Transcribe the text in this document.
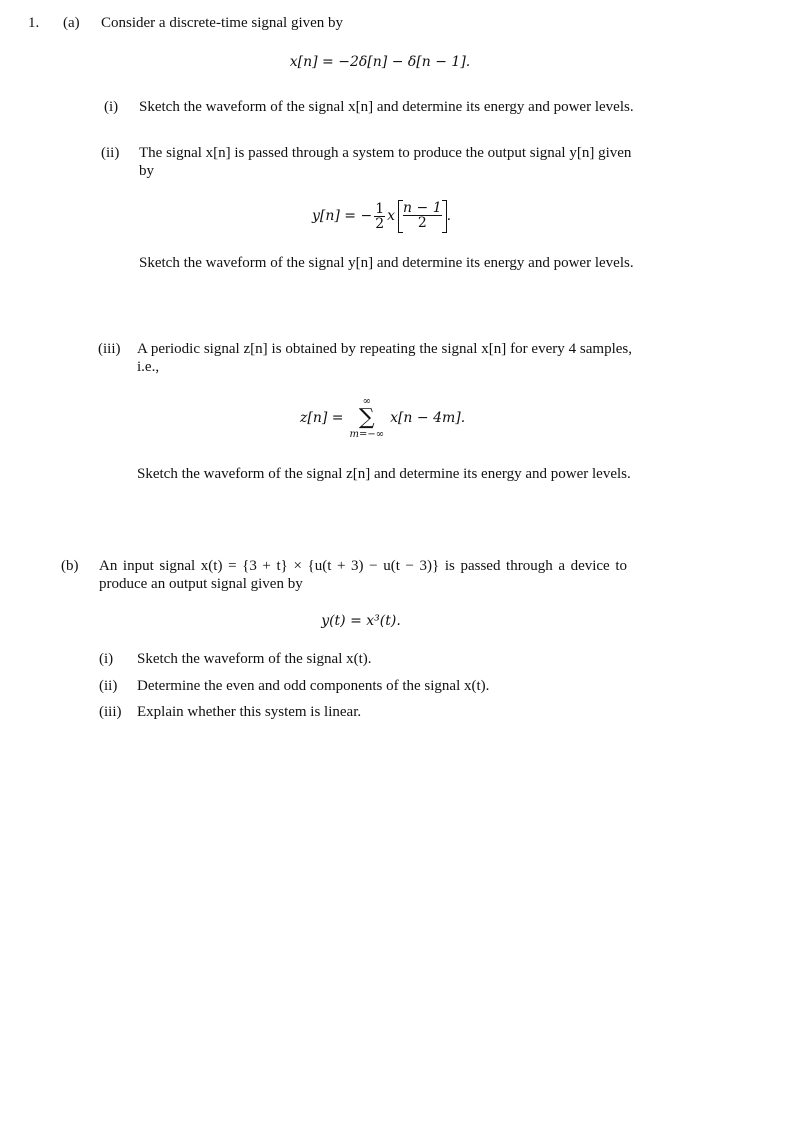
1. (a) Consider a discrete-time signal given by
x[n] = −2δ[n] − δ[n − 1].
(i) Sketch the waveform of the signal x[n] and determine its energy and power levels.
(ii) The signal x[n] is passed through a system to produce the output signal y[n] given by
y[n] = − $\frac{1}{2}$ x $\frac{n - 1}{2}$ .
Sketch the waveform of the signal y[n] and determine its energy and power levels.
(iii) A periodic signal z[n] is obtained by repeating the signal x[n] for every 4 samples, i.e.,
z[n] =
∞
∑
m=−∞
x[n − 4m].
Sketch the waveform of the signal z[n] and determine its energy and power levels.
(b) An input signal x(t) = {3 + t} × {u(t + 3) − u(t − 3)} is passed through a device to produce an output signal given by
y(t) = x³(t).
(i) Sketch the waveform of the signal x(t).
(ii) Determine the even and odd components of the signal x(t).
(iii) Explain whether this system is linear.
